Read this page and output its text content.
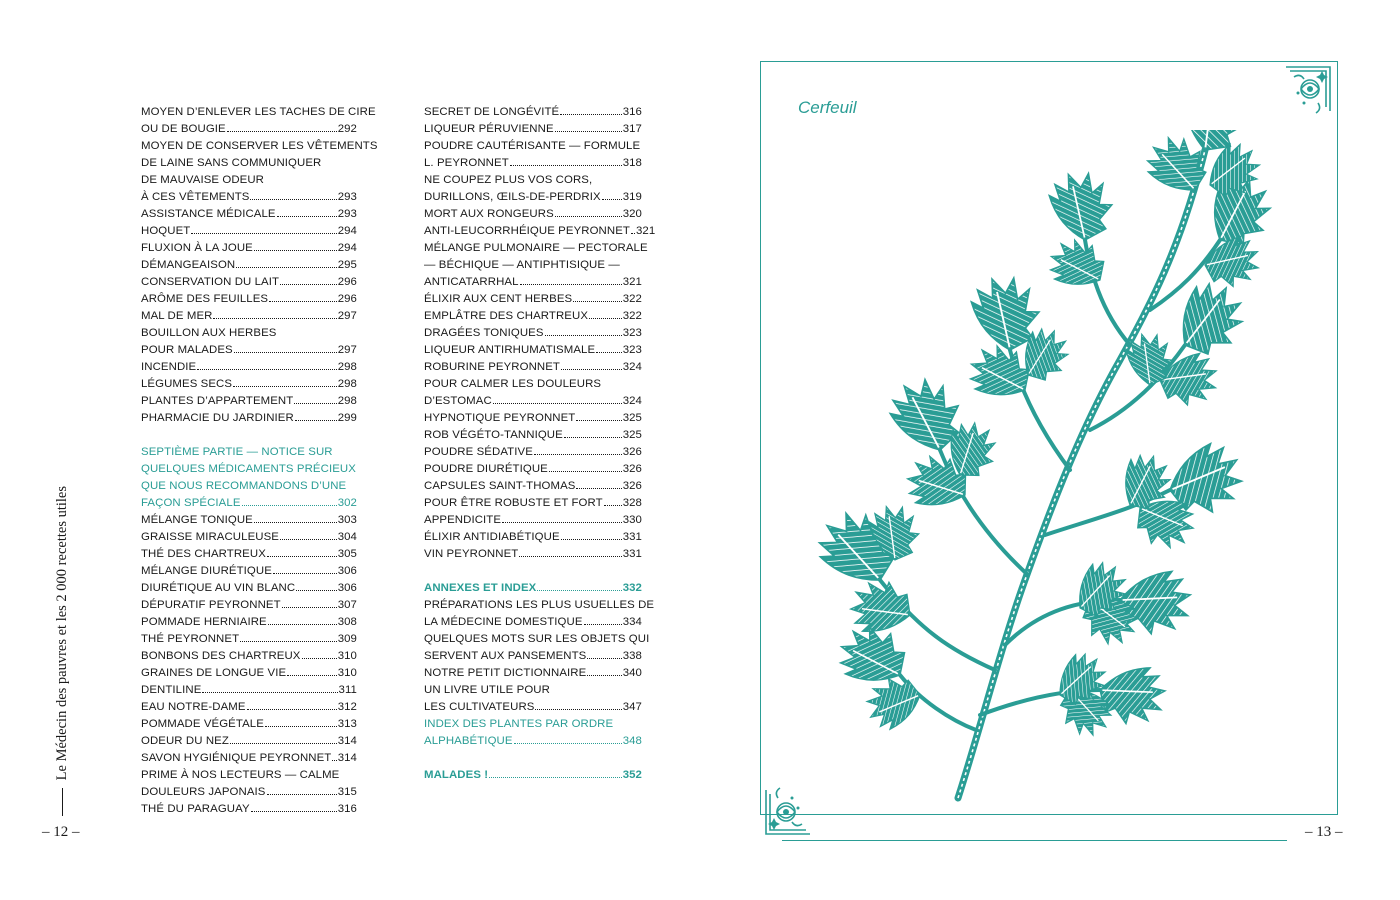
Le Médecin des pauvres et les 2 000 recettes utiles
– 12 –
MOYEN D’ENLEVER LES TACHES DE CIRE
OU DE BOUGIE	292
MOYEN DE CONSERVER LES VÊTEMENTS
DE LAINE SANS COMMUNIQUER
DE MAUVAISE ODEUR
À CES VÊTEMENTS	293
ASSISTANCE MÉDICALE	293
HOQUET	294
FLUXION À LA JOUE	294
DÉMANGEAISON	295
CONSERVATION DU LAIT	296
ARÔME DES FEUILLES	296
MAL DE MER	297
BOUILLON AUX HERBES
POUR MALADES	297
INCENDIE	298
LÉGUMES SECS	298
PLANTES D’APPARTEMENT	298
PHARMACIE DU JARDINIER	299
SEPTIÈME PARTIE — NOTICE SUR
QUELQUES MÉDICAMENTS PRÉCIEUX
QUE NOUS RECOMMANDONS D’UNE
FAÇON SPÉCIALE	302
MÉLANGE TONIQUE	303
GRAISSE MIRACULEUSE	304
THÉ DES CHARTREUX	305
MÉLANGE DIURÉTIQUE	306
DIURÉTIQUE AU VIN BLANC	306
DÉPURATIF PEYRONNET	307
POMMADE HERNIAIRE	308
THÉ PEYRONNET	309
BONBONS DES CHARTREUX	310
GRAINES DE LONGUE VIE	310
DENTILINE	311
EAU NOTRE-DAME	312
POMMADE VÉGÉTALE	313
ODEUR DU NEZ	314
SAVON HYGIÉNIQUE PEYRONNET 314
PRIME À NOS LECTEURS — CALME
DOULEURS JAPONAIS	315
THÉ DU PARAGUAY	316
SECRET DE LONGÉVITÉ	316
LIQUEUR PÉRUVIENNE	317
POUDRE CAUTÉRISANTE — FORMULE
L. PEYRONNET	318
NE COUPEZ PLUS VOS CORS,
DURILLONS, ŒILS-DE-PERDRIX 319
MORT AUX RONGEURS	320
ANTI-LEUCORRHÉIQUE PEYRONNET 321
MÉLANGE PULMONAIRE — PECTORALE
— BÉCHIQUE — ANTIPHTISIQUE —
ANTICATARRHAL	321
ÉLIXIR AUX CENT HERBES	322
EMPLÂTRE DES CHARTREUX	322
DRAGÉES TONIQUES	323
LIQUEUR ANTIRHUMATISMALE 323
ROBURINE PEYRONNET	324
POUR CALMER LES DOULEURS
D’ESTOMAC	324
HYPNOTIQUE PEYRONNET	325
ROB VÉGÉTO-TANNIQUE	325
POUDRE SÉDATIVE	326
POUDRE DIURÉTIQUE	326
CAPSULES SAINT-THOMAS	326
POUR ÊTRE ROBUSTE ET FORT 328
APPENDICITE	330
ÉLIXIR ANTIDIABÉTIQUE	331
VIN PEYRONNET	331
ANNEXES ET INDEX	332
PRÉPARATIONS LES PLUS USUELLES DE
LA MÉDECINE DOMESTIQUE	334
QUELQUES MOTS SUR LES OBJETS QUI
SERVENT AUX PANSEMENTS	338
NOTRE PETIT DICTIONNAIRE	340
UN LIVRE UTILE POUR
LES CULTIVATEURS	347
INDEX DES PLANTES PAR ORDRE
ALPHABÉTIQUE	348
MALADES !	352
Cerfeuil
– 13 –
